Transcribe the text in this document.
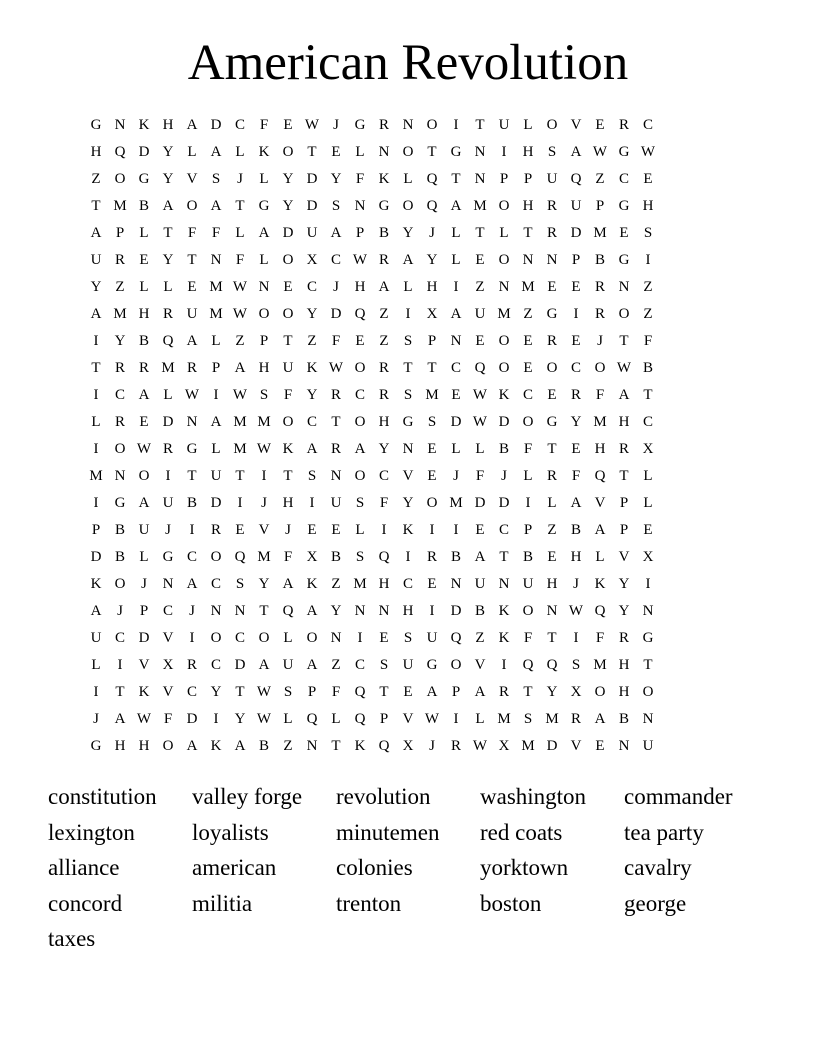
American Revolution
G N K H A D C F	E W J	G R N O	I	T U L O V E R C
H Q D Y L A L K O T E L N O T G N	I	H S A W G W
Z O G Y V S	J	L Y D Y F K L Q T N P	P U Q Z C E
T M B A O A T G Y D S N G O Q A M O H R U P G H
A P	L T	F	F	L A D U A P B Y	J	L T L T R D M E	S
U R E Y T N F	L O X C W R A Y L E O N N P B G	I
Y Z L L E M W N E C	J	H A L H	I	Z N M E E R N Z
A M H R U M W O O Y D Q Z	I	X A U M Z G	I	R O Z
I	Y B Q A L Z	P	T Z	F	E Z	S	P N E O E R E	J	T	F
T R R M R P A H U K W O R T T C Q O E O C O W B
I	C A L W I W S	F Y R C R S M E W K C E R F A T
L R E D N A M M O C T O H G S D W D O G Y M H C
I	O W R G L M W K A R A Y N E L L B F	T E H R X
M N O	I	T U T	I	T	S N O C V E	J	F	J	L R F Q T L
I	G A U B D	I	J	H	I	U S	F Y O M D D	I	L A V P	L
P B U	J	I	R E V	J	E E L	I	K	I	I	E C P	Z B A P	E
D B L G C O Q M F X B S Q	I	R B A T B E H L V X
K O	J	N A C S Y A K Z M H C E N U N U H	J	K Y	I
A	J	P C	J	N N T Q A Y N N H	I	D B K O N W Q Y N
U C D V	I	O C O L O N	I	E	S U Q Z K F	T	I	F R G
L	I	V X R C D A U A Z C S U G O V	I	Q Q S M H T
I	T K V C Y T W S	P	F Q T E A P A R T Y X O H O
J	A W F D	I	Y W L Q L Q P V W I	L M S M R A B N
G H H O A K A B Z N T K Q X	J	R W X M D V E N U
constitution	valley forge	revolution	washington	commander
lexington	loyalists	minutemen	red coats	tea party
alliance	american	colonies	yorktown	cavalry
concord	militia	trenton	boston	george
taxes
